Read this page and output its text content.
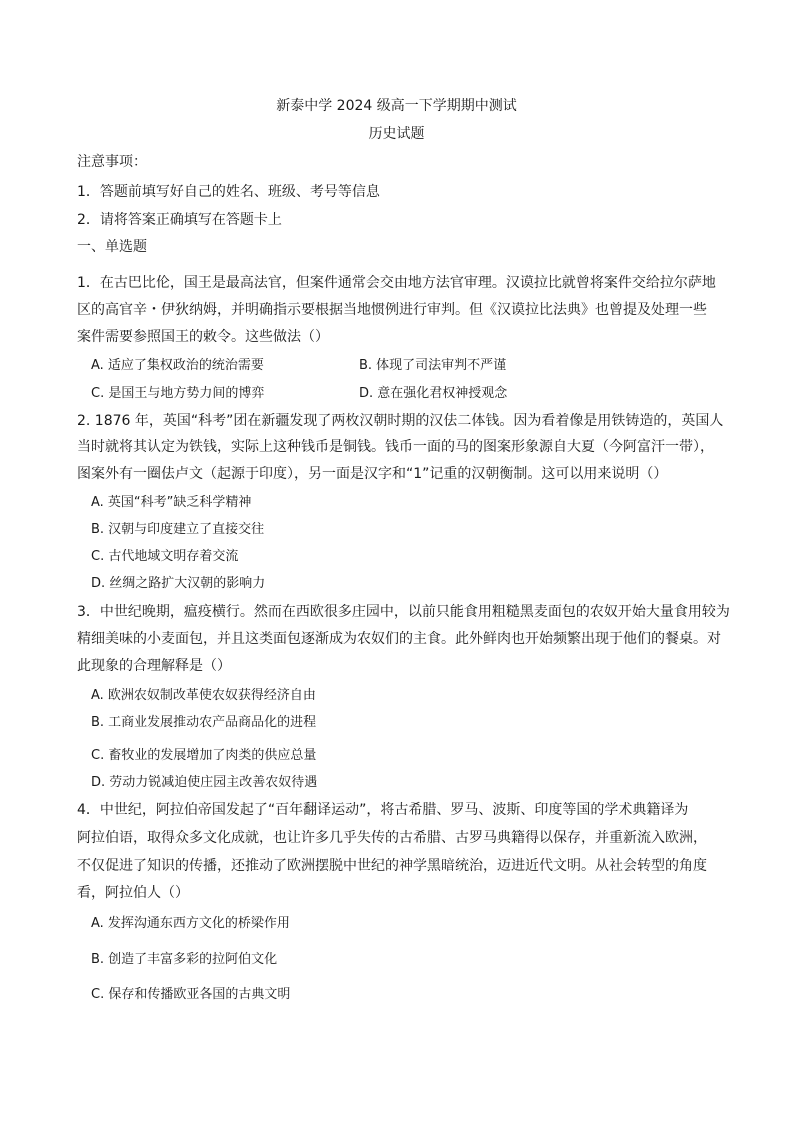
新泰中学 2024 级高一下学期期中测试
历史试题
注意事项：
1．答题前填写好自己的姓名、班级、考号等信息
2．请将答案正确填写在答题卡上
一、单选题
1．在古巴比伦，国王是最高法官，但案件通常会交由地方法官审理。汉谟拉比就曾将案件交给拉尔萨地
区的高官辛・伊狄纳姆，并明确指示要根据当地惯例进行审判。但《汉谟拉比法典》也曾提及处理一些
案件需要参照国王的敕令。这些做法（）
A. 适应了集权政治的统治需要	B. 体现了司法审判不严谨
C. 是国王与地方势力间的博弈	D. 意在强化君权神授观念
2. 1876 年，英国“科考”团在新疆发现了两枚汉朝时期的汉佉二体钱。因为看着像是用铁铸造的，英国人
当时就将其认定为铁钱，实际上这种钱币是铜钱。钱币一面的马的图案形象源自大夏（今阿富汗一带），
图案外有一圈佉卢文（起源于印度），另一面是汉字和“1”记重的汉朝衡制。这可以用来说明（）
A. 英国“科考”缺乏科学精神
B. 汉朝与印度建立了直接交往
C. 古代地域文明存着交流
D. 丝绸之路扩大汉朝的影响力
3．中世纪晚期，瘟疫横行。然而在西欧很多庄园中，以前只能食用粗糙黑麦面包的农奴开始大量食用较为
精细美味的小麦面包，并且这类面包逐渐成为农奴们的主食。此外鲜肉也开始频繁出现于他们的餐桌。对
此现象的合理解释是（）
A. 欧洲农奴制改革使农奴获得经济自由
B. 工商业发展推动农产品商品化的进程
C. 畜牧业的发展增加了肉类的供应总量
D. 劳动力锐减迫使庄园主改善农奴待遇
4．中世纪，阿拉伯帝国发起了“百年翻译运动”，将古希腊、罗马、波斯、印度等国的学术典籍译为
阿拉伯语，取得众多文化成就，也让许多几乎失传的古希腊、古罗马典籍得以保存，并重新流入欧洲，
不仅促进了知识的传播，还推动了欧洲摆脱中世纪的神学黑暗统治，迈进近代文明。从社会转型的角度
看，阿拉伯人（）
A. 发挥沟通东西方文化的桥梁作用
B. 创造了丰富多彩的拉阿伯文化
C. 保存和传播欧亚各国的古典文明
